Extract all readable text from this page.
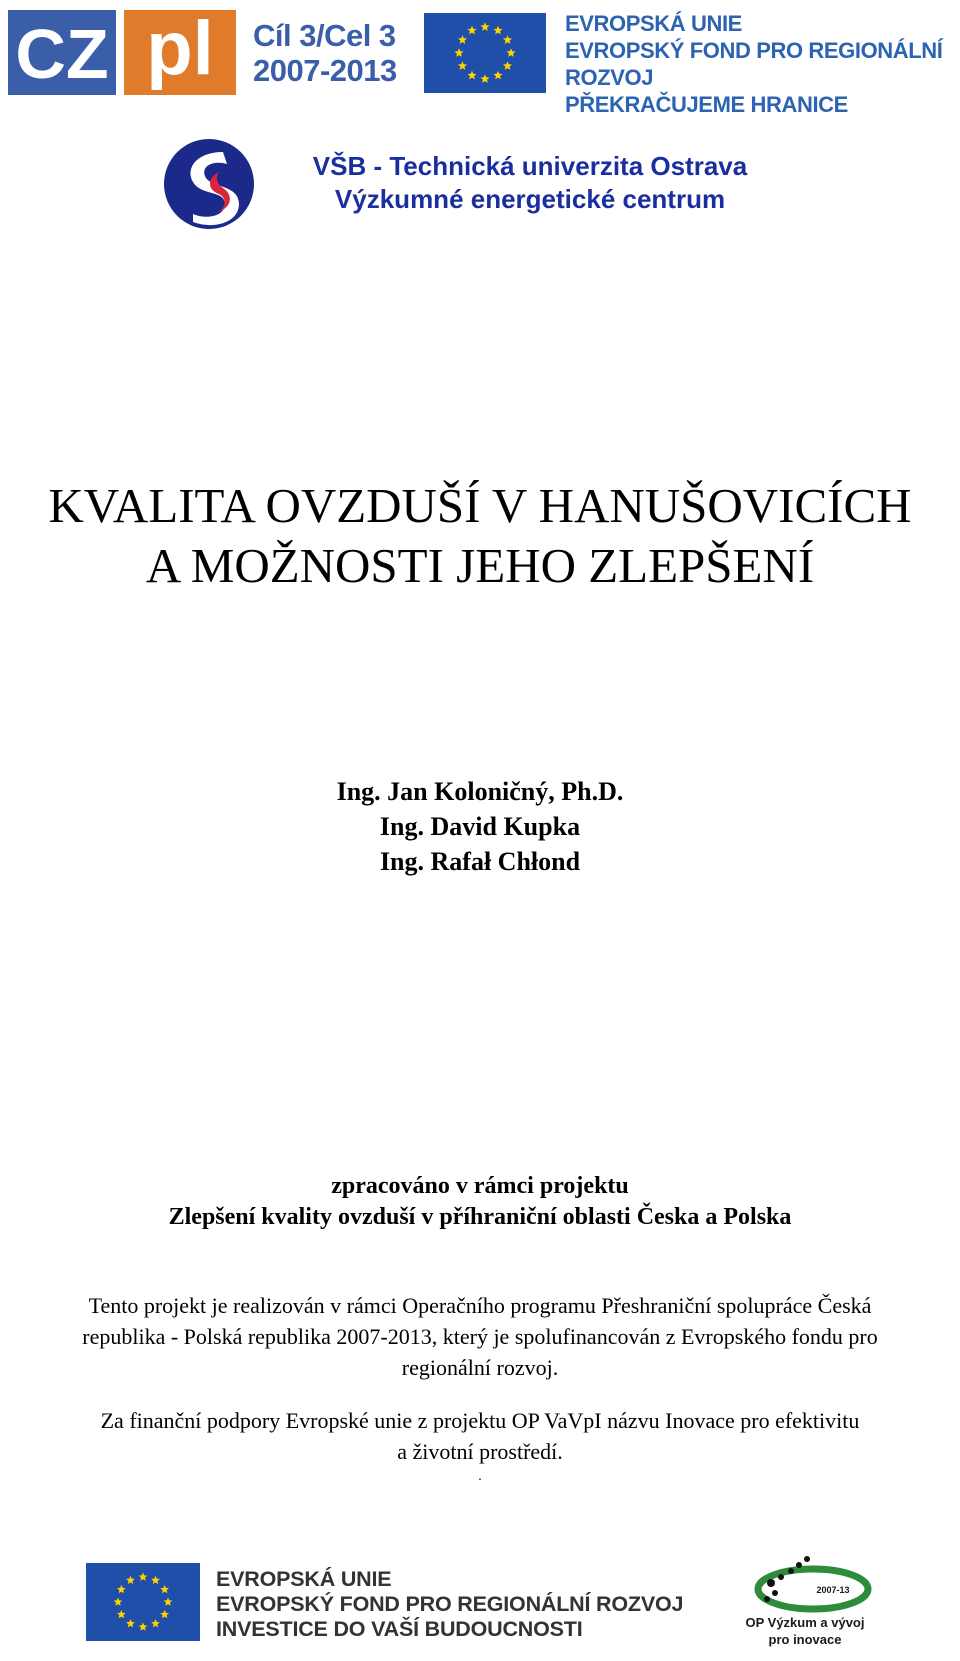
CZ pl Cíl 3/Cel 3
2007-2013
EVROPSKÁ UNIE
EVROPSKÝ FOND PRO REGIONÁLNÍ ROZVOJ
PŘEKRAČUJEME HRANICE
VŠB - Technická univerzita Ostrava
Výzkumné energetické centrum
KVALITA OVZDUŠÍ V HANUŠOVICÍCH
A MOŽNOSTI JEHO ZLEPŠENÍ
Ing. Jan Koloničný, Ph.D.
Ing. David Kupka
Ing. Rafał Chłond
zpracováno v rámci projektu
Zlepšení kvality ovzduší v příhraniční oblasti Česka a Polska
Tento projekt je realizován v rámci Operačního programu Přeshraniční spolupráce Česká
republika - Polská republika 2007-2013, který je spolufinancován z Evropského fondu pro
regionální rozvoj.
Za finanční podpory Evropské unie z projektu OP VaVpI názvu Inovace pro efektivitu
a životní prostředí.
.
EVROPSKÁ UNIE
EVROPSKÝ FOND PRO REGIONÁLNÍ ROZVOJ
INVESTICE DO VAŠÍ BUDOUCNOSTI
2007-13
OP Výzkum a vývoj
pro inovace
